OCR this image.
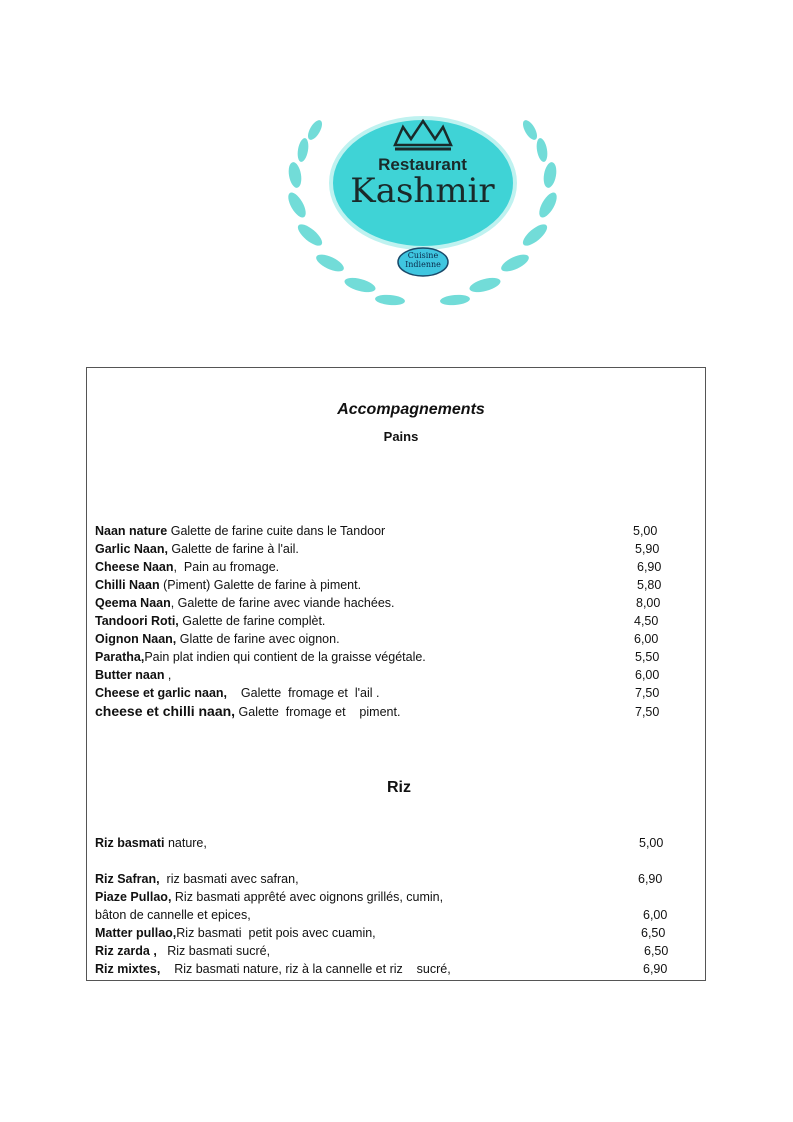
Restaurant
Kashmir
Cuisine
Indienne
Accompagnements
Pains
Naan nature Galette de farine cuite dans le Tandoor	5,00
Garlic Naan, Galette de farine à l'ail.	5,90
Cheese Naan,  Pain au fromage.	6,90
Chilli Naan (Piment) Galette de farine à piment.	5,80
Qeema Naan, Galette de farine avec viande hachées.	8,00
Tandoori Roti, Galette de farine complèt.	4,50
Oignon Naan, Glatte de farine avec oignon.	6,00
Paratha,Pain plat indien qui contient de la graisse végétale.	5,50
Butter naan ,	6,00
Cheese et garlic naan,    Galette  fromage et  l'ail .	7,50
cheese et chilli naan, Galette  fromage et    piment.	7,50
Riz
Riz basmati nature,	5,00
Riz Safran,  riz basmati avec safran,	6,90
Piaze Pullao, Riz basmati apprêté avec oignons grillés, cumin,
bâton de cannelle et epices,	6,00
Matter pullao,Riz basmati  petit pois avec cuamin,	6,50
Riz zarda ,   Riz basmati sucré,	6,50
Riz mixtes,    Riz basmati nature, riz à la cannelle et riz    sucré,	6,90
